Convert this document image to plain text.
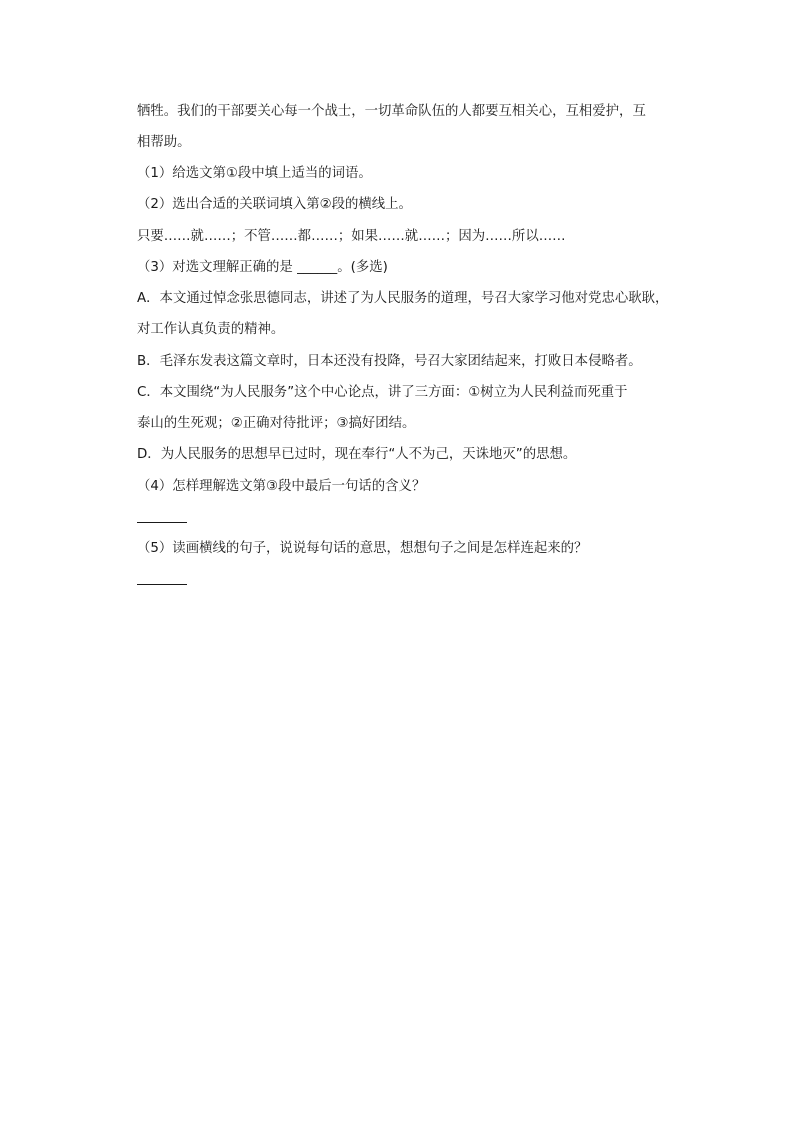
牺牲。我们的干部要关心每一个战士，一切革命队伍的人都要互相关心，互相爱护，互
相帮助。
（1）给选文第①段中填上适当的词语。
（2）选出合适的关联词填入第②段的横线上。
只要……就……；不管……都……；如果……就……；因为……所以……
（3）对选文理解正确的是 ______。(多选)
A．本文通过悼念张思德同志，讲述了为人民服务的道理，号召大家学习他对党忠心耿耿，
对工作认真负责的精神。
B．毛泽东发表这篇文章时，日本还没有投降，号召大家团结起来，打败日本侵略者。
C．本文围绕“为人民服务”这个中心论点，讲了三方面：①树立为人民利益而死重于
泰山的生死观；②正确对待批评；③搞好团结。
D．为人民服务的思想早已过时，现在奉行“人不为己，天诛地灭”的思想。
（4）怎样理解选文第③段中最后一句话的含义？
（5）读画横线的句子，说说每句话的意思，想想句子之间是怎样连起来的？
